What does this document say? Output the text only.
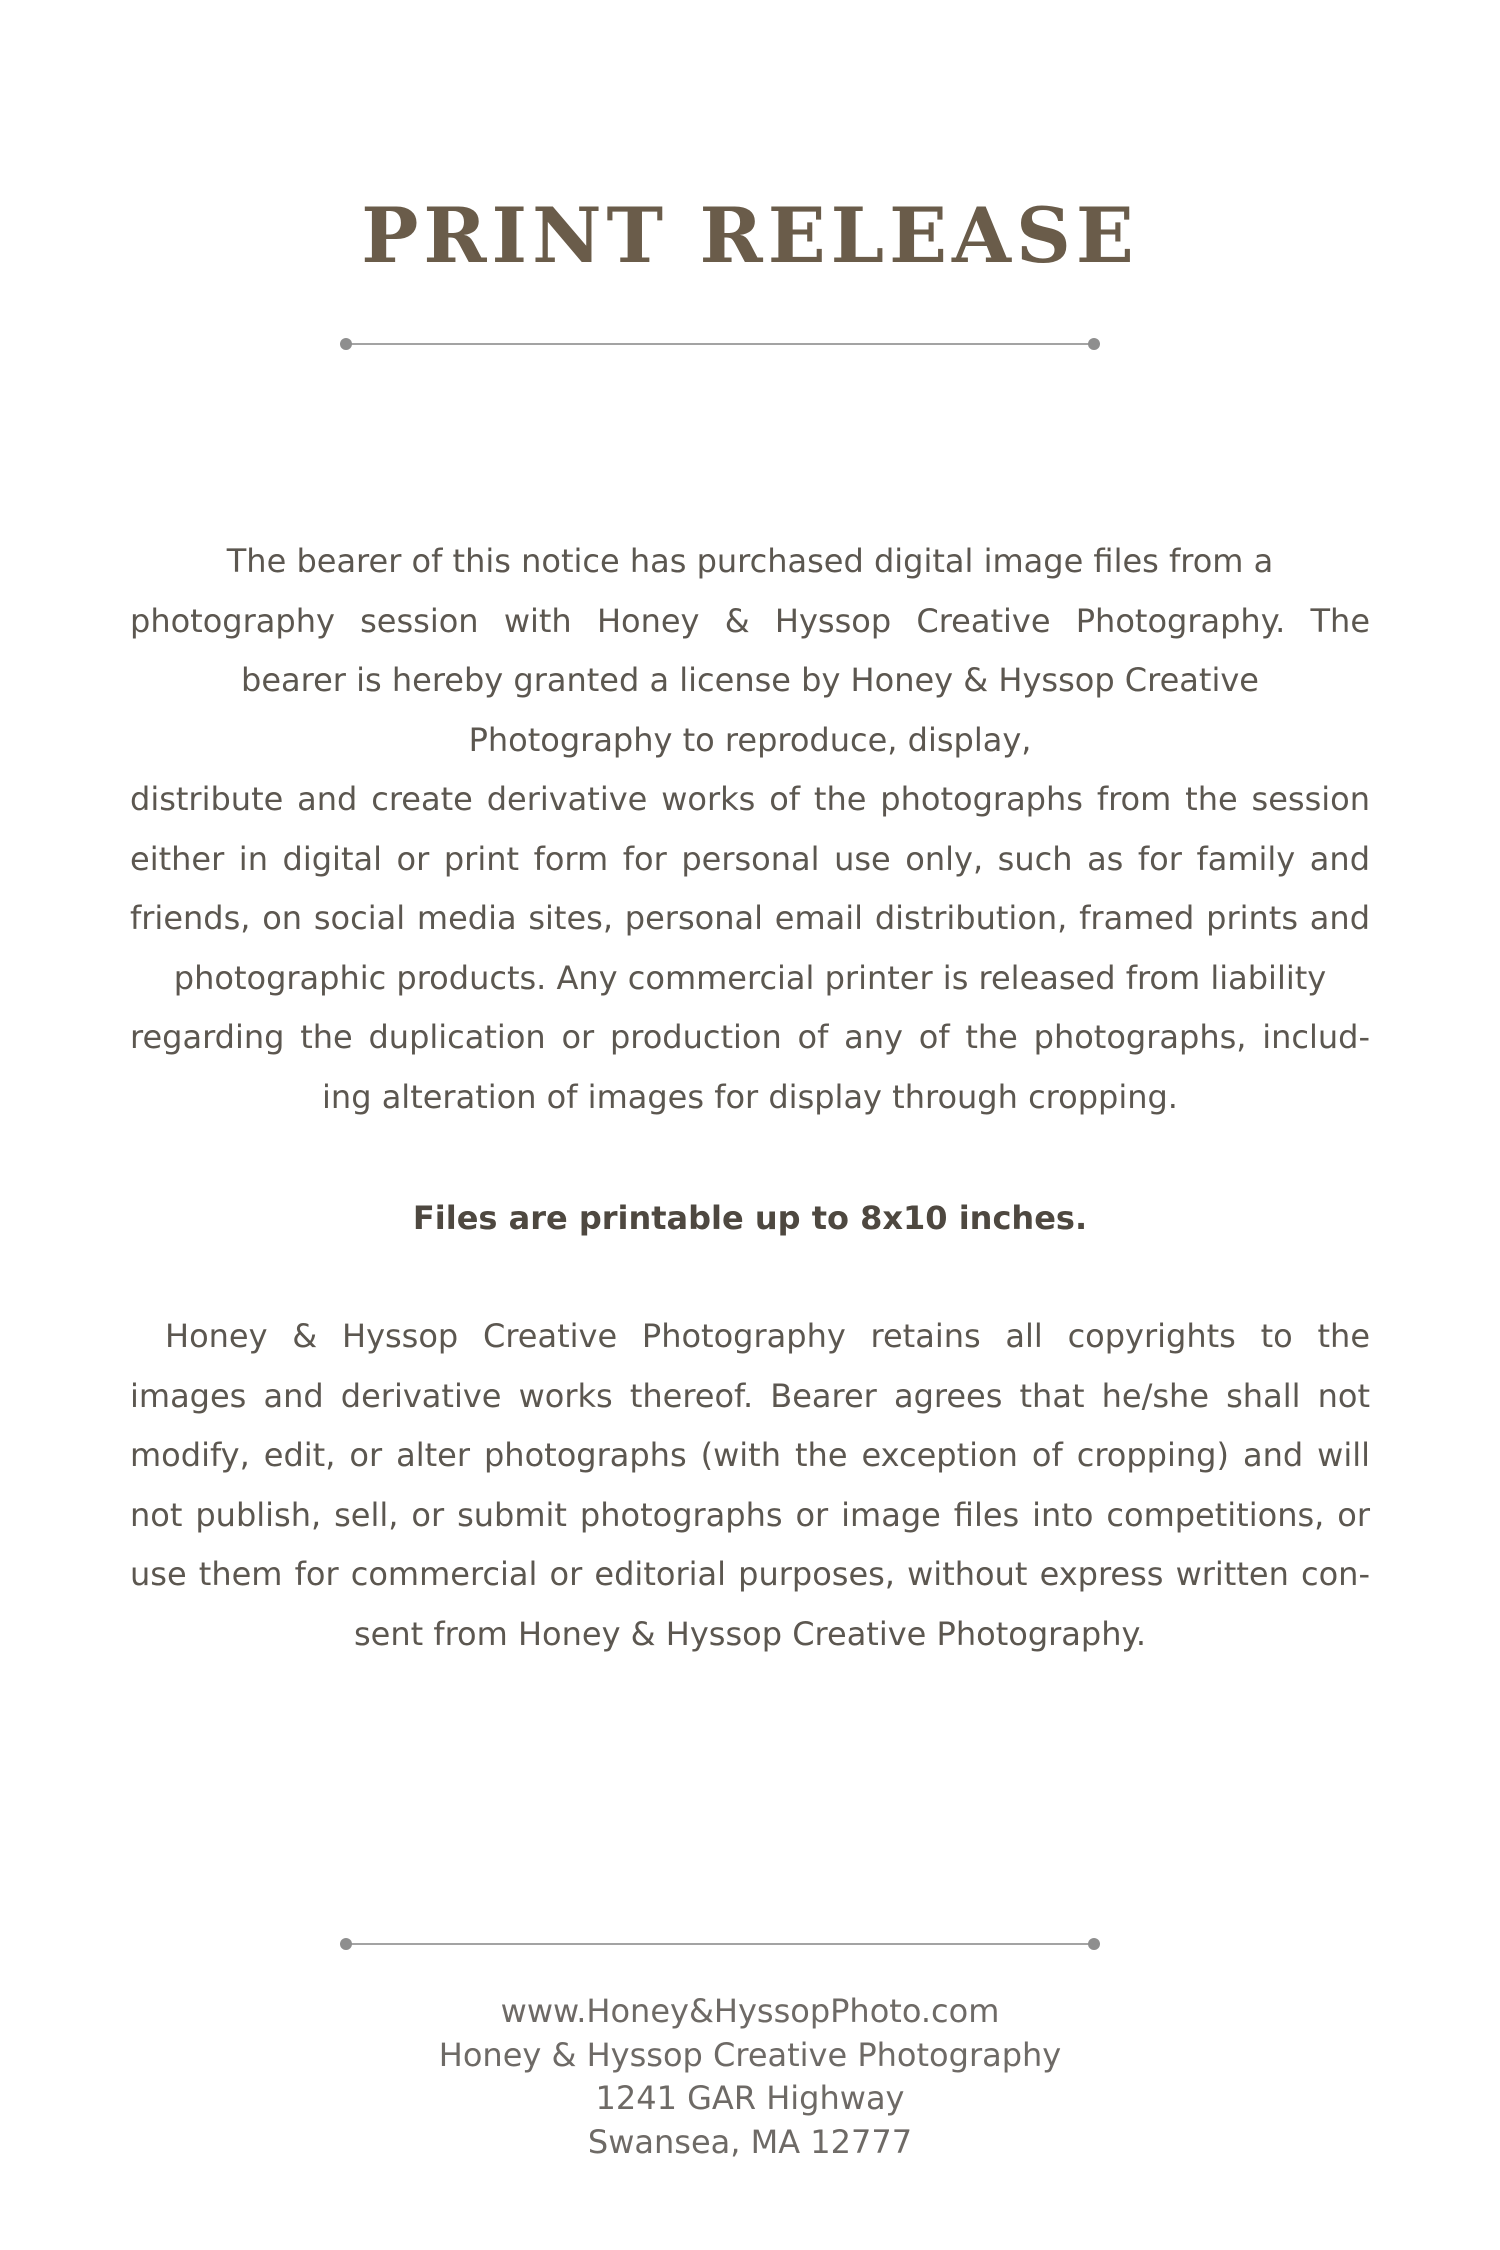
PRINT RELEASE
The bearer of this notice has purchased digital image files from a
photography session with Honey & Hyssop Creative Photography. The
bearer is hereby granted a license by Honey & Hyssop Creative
Photography to reproduce, display,
distribute and create derivative works of the photographs from the session
either in digital or print form for personal use only, such as for family and
friends, on social media sites, personal email distribution, framed prints and
photographic products. Any commercial printer is released from liability
regarding the duplication or production of any of the photographs, includ-
ing alteration of images for display through cropping.
Files are printable up to 8x10 inches.
Honey & Hyssop Creative Photography retains all copyrights to the
images and derivative works thereof. Bearer agrees that he/she shall not
modify, edit, or alter photographs (with the exception of cropping) and will
not publish, sell, or submit photographs or image files into competitions, or
use them for commercial or editorial purposes, without express written con-
sent from Honey & Hyssop Creative Photography.
www.Honey&HyssopPhoto.com
Honey & Hyssop Creative Photography
1241 GAR Highway
Swansea, MA 12777
